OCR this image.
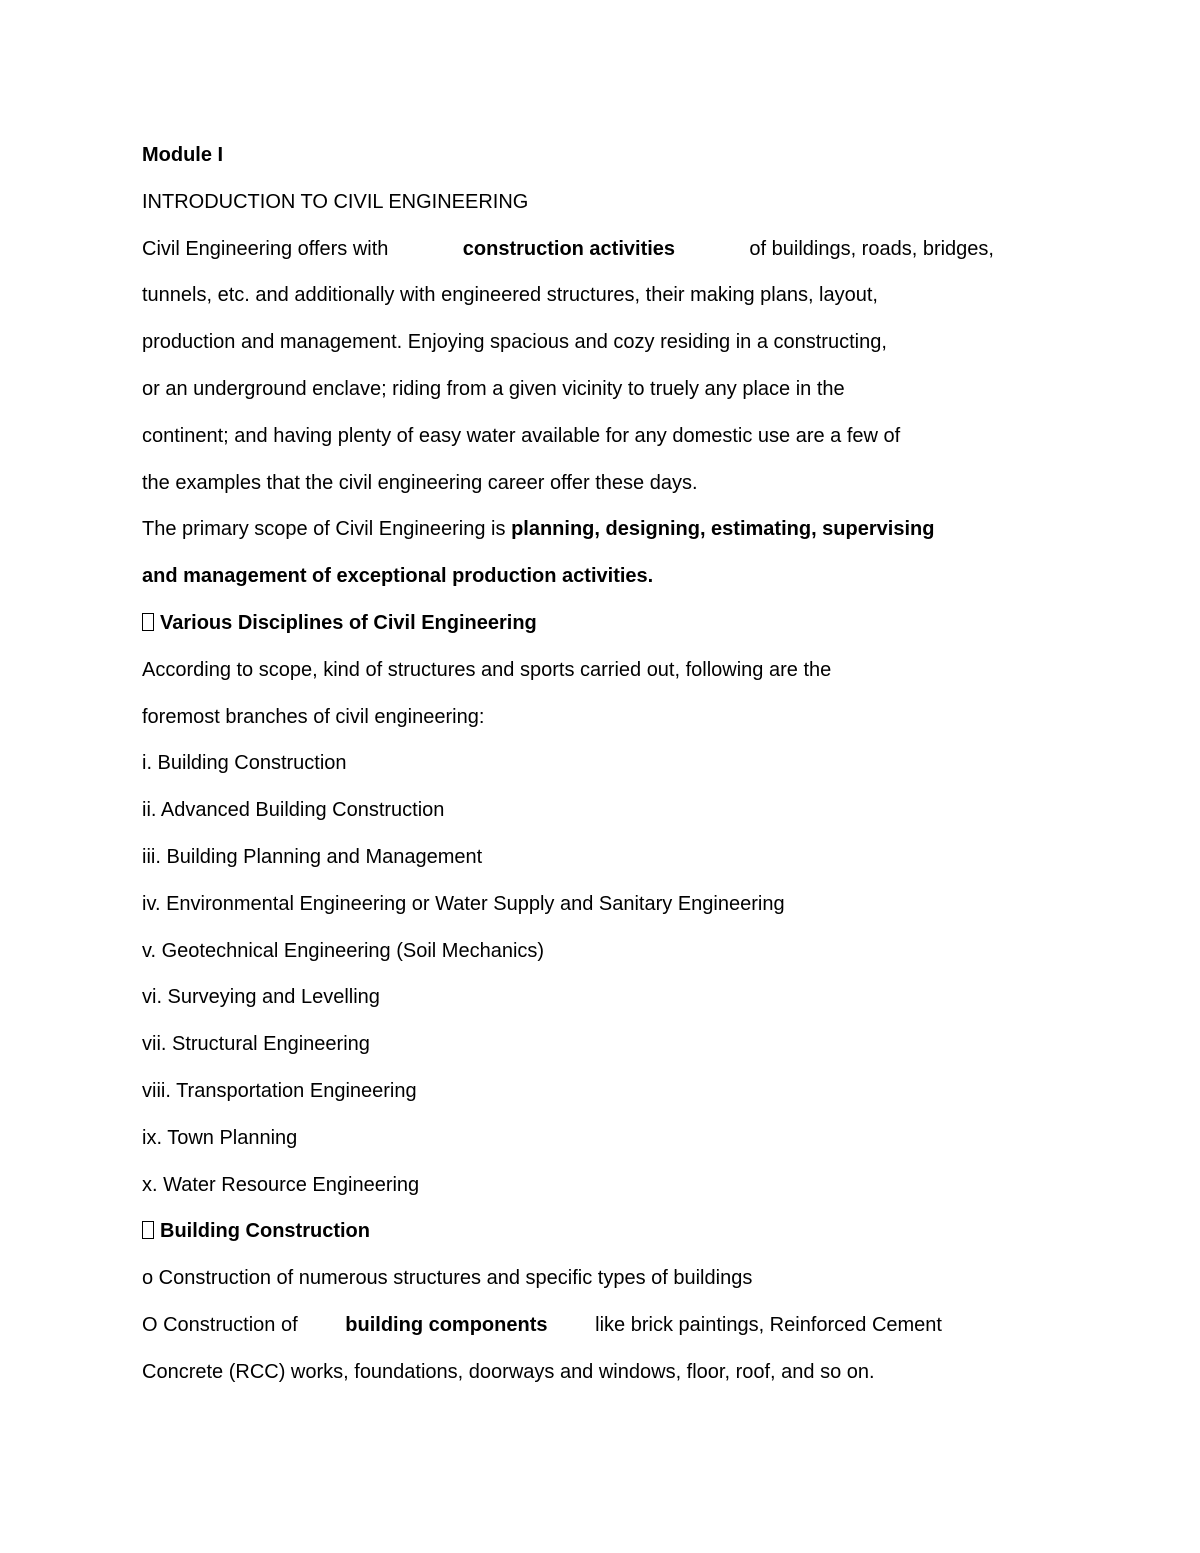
Module I
INTRODUCTION TO CIVIL ENGINEERING
Civil Engineering offers with	construction activities	of buildings, roads, bridges,
tunnels, etc. and additionally with engineered structures, their making plans, layout,
production and management. Enjoying spacious and cozy residing in a constructing,
or an underground enclave; riding from a given vicinity to truely any place in the
continent; and having plenty of easy water available for any domestic use are a few of
the examples that the civil engineering career offer these days.
The primary scope of Civil Engineering is planning, designing, estimating, supervising
and management of exceptional production activities.
Various Disciplines of Civil Engineering
According to scope, kind of structures and sports carried out, following are the
foremost branches of civil engineering:
i. Building Construction
ii. Advanced Building Construction
iii. Building Planning and Management
iv. Environmental Engineering or Water Supply and Sanitary Engineering
v. Geotechnical Engineering (Soil Mechanics)
vi. Surveying and Levelling
vii. Structural Engineering
viii. Transportation Engineering
ix. Town Planning
x. Water Resource Engineering
Building Construction
o Construction of numerous structures and specific types of buildings
O Construction of building components like brick paintings, Reinforced Cement
Concrete (RCC) works, foundations, doorways and windows, floor, roof, and so on.
